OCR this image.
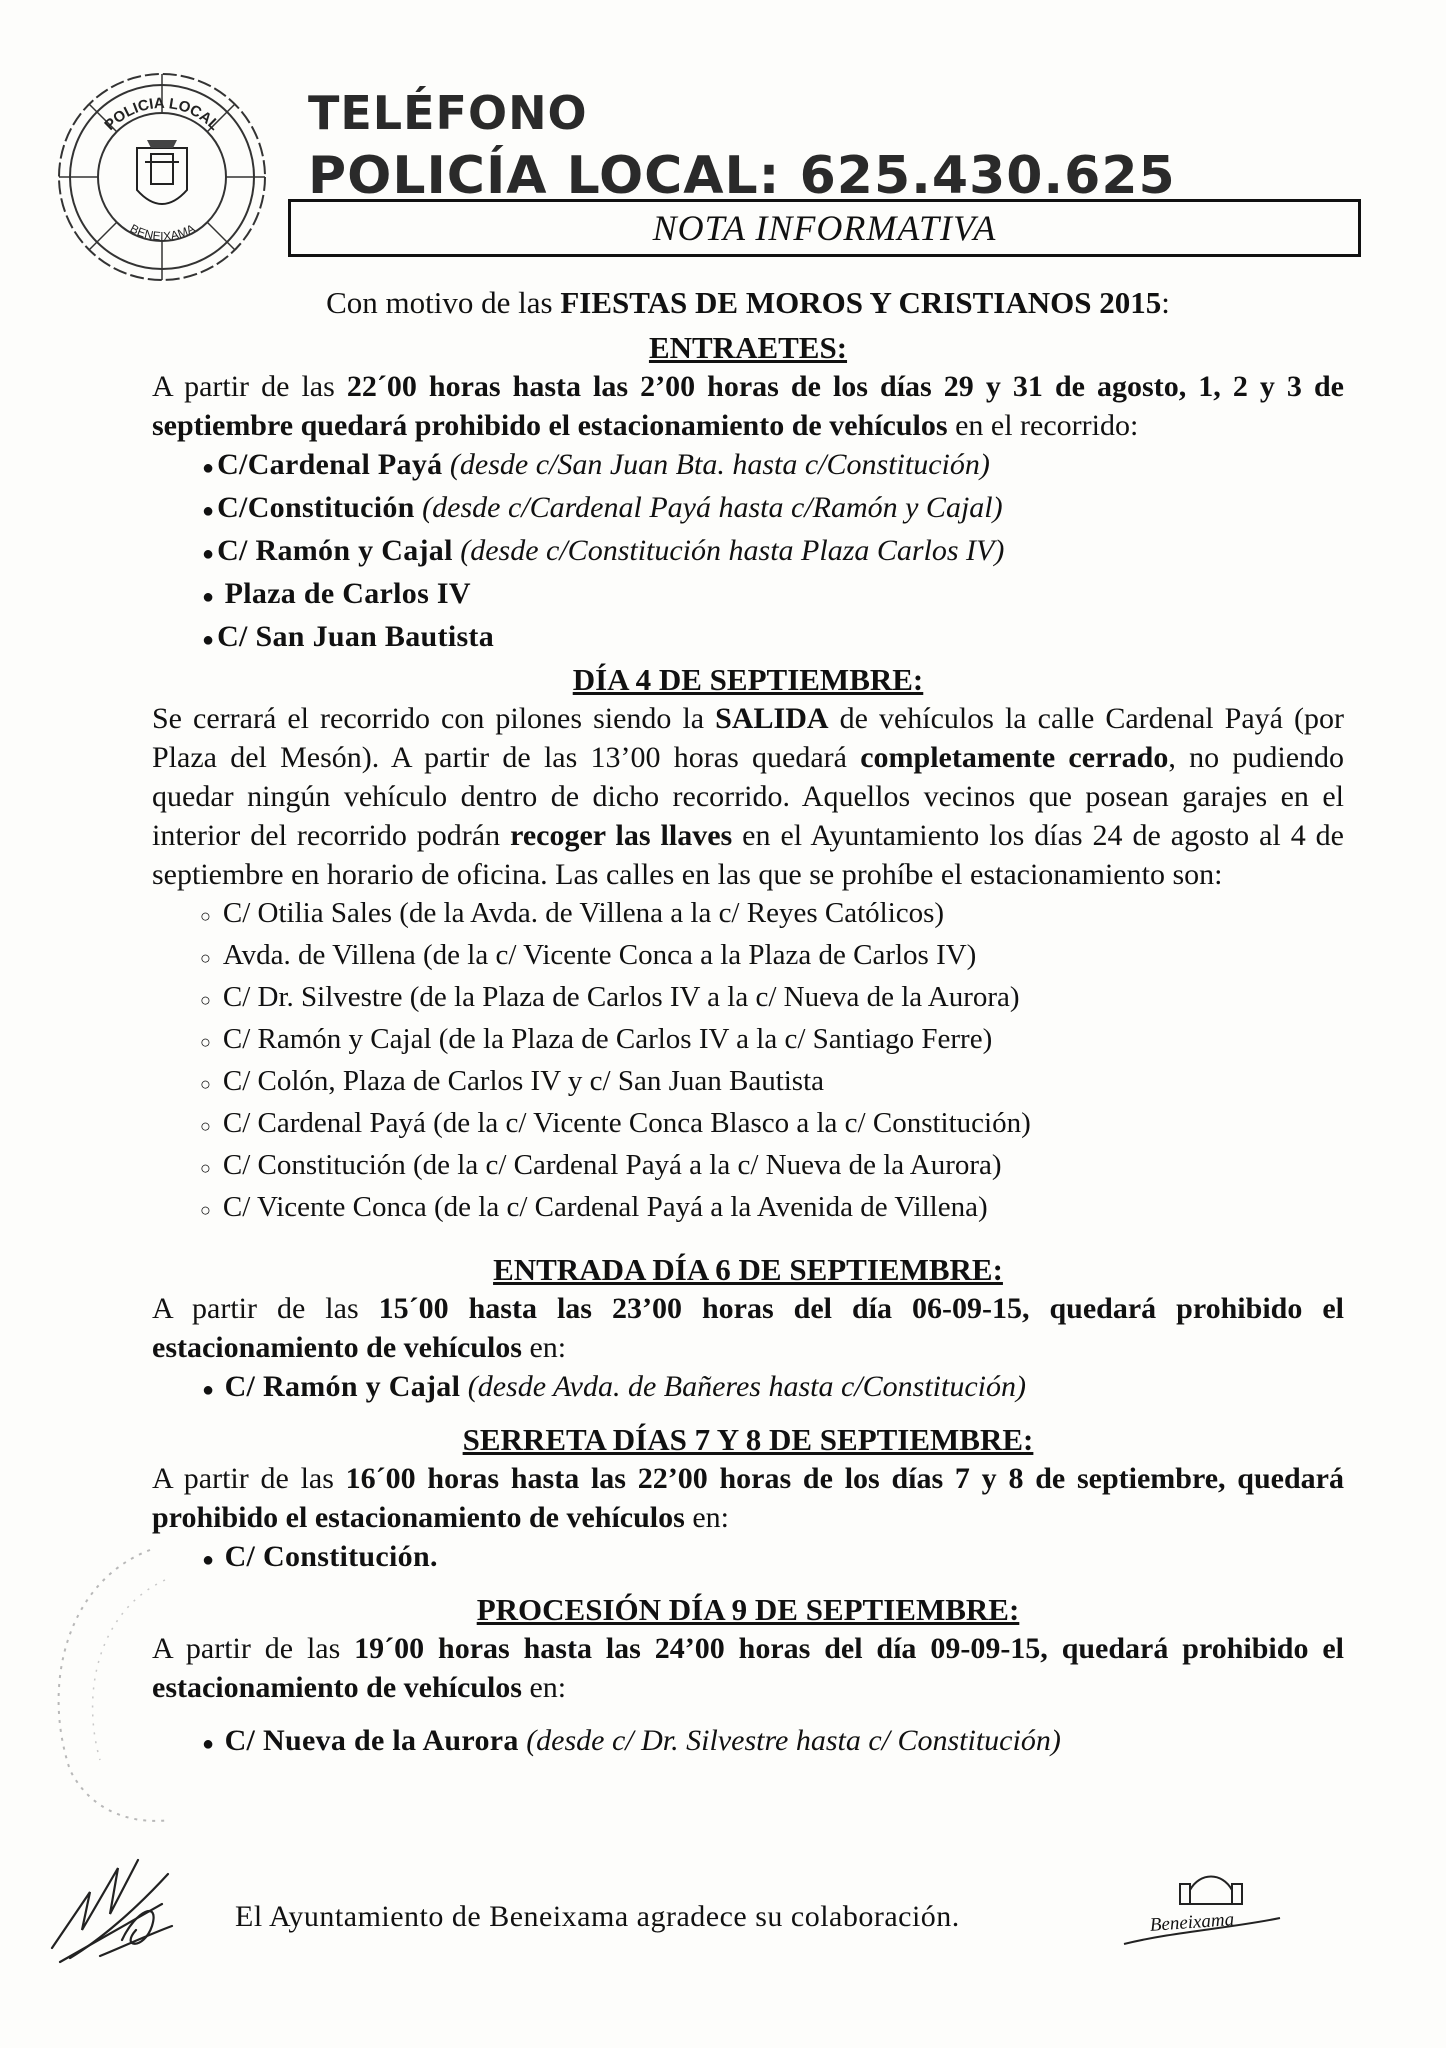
POLICIA LOCAL
BENEIXAMA
TELÉFONO
POLICÍA LOCAL: 625.430.625
NOTA INFORMATIVA

Con motivo de las FIESTAS DE MOROS Y CRISTIANOS 2015:

ENTRAETES:

A partir de las 22´00 horas hasta las 2’00 horas de los días 29 y 31 de agosto, 1, 2 y 3 de septiembre quedará prohibido el estacionamiento de vehículos en el recorrido:

● C/Cardenal Payá (desde c/San Juan Bta. hasta c/Constitución)
● C/Constitución (desde c/Cardenal Payá hasta c/Ramón y Cajal)
● C/ Ramón y Cajal (desde c/Constitución hasta Plaza Carlos IV)
● Plaza de Carlos IV
● C/ San Juan Bautista

DÍA 4 DE SEPTIEMBRE:

Se cerrará el recorrido con pilones siendo la SALIDA de vehículos la calle Cardenal Payá (por Plaza del Mesón). A partir de las 13’00 horas quedará completamente cerrado, no pudiendo quedar ningún vehículo dentro de dicho recorrido. Aquellos vecinos que posean garajes en el interior del recorrido podrán recoger las llaves en el Ayuntamiento los días 24 de agosto al 4 de septiembre en horario de oficina. Las calles en las que se prohíbe el estacionamiento son:

○ C/ Otilia Sales (de la Avda. de Villena a la c/ Reyes Católicos)
○ Avda. de Villena (de la c/ Vicente Conca a la Plaza de Carlos IV)
○ C/ Dr. Silvestre (de la Plaza de Carlos IV a la c/ Nueva de la Aurora)
○ C/ Ramón y Cajal (de la Plaza de Carlos IV a la c/ Santiago Ferre)
○ C/ Colón, Plaza de Carlos IV y c/ San Juan Bautista
○ C/ Cardenal Payá (de la c/ Vicente Conca Blasco a la c/ Constitución)
○ C/ Constitución (de la c/ Cardenal Payá a la c/ Nueva de la Aurora)
○ C/ Vicente Conca (de la c/ Cardenal Payá a la Avenida de Villena)

ENTRADA DÍA 6 DE SEPTIEMBRE:

A partir de las 15´00 hasta las 23’00 horas del día 06-09-15, quedará prohibido el estacionamiento de vehículos en:

● C/ Ramón y Cajal (desde Avda. de Bañeres hasta c/Constitución)

SERRETA DÍAS 7 Y 8 DE SEPTIEMBRE:

A partir de las 16´00 horas hasta las 22’00 horas de los días 7 y 8 de septiembre, quedará prohibido el estacionamiento de vehículos en:

● C/ Constitución.

PROCESIÓN DÍA 9 DE SEPTIEMBRE:

A partir de las 19´00 horas hasta las 24’00 horas del día 09-09-15, quedará prohibido el estacionamiento de vehículos en:

● C/ Nueva de la Aurora (desde c/ Dr. Silvestre hasta c/ Constitución)
El Ayuntamiento de Beneixama agradece su colaboración.	Beneixama
